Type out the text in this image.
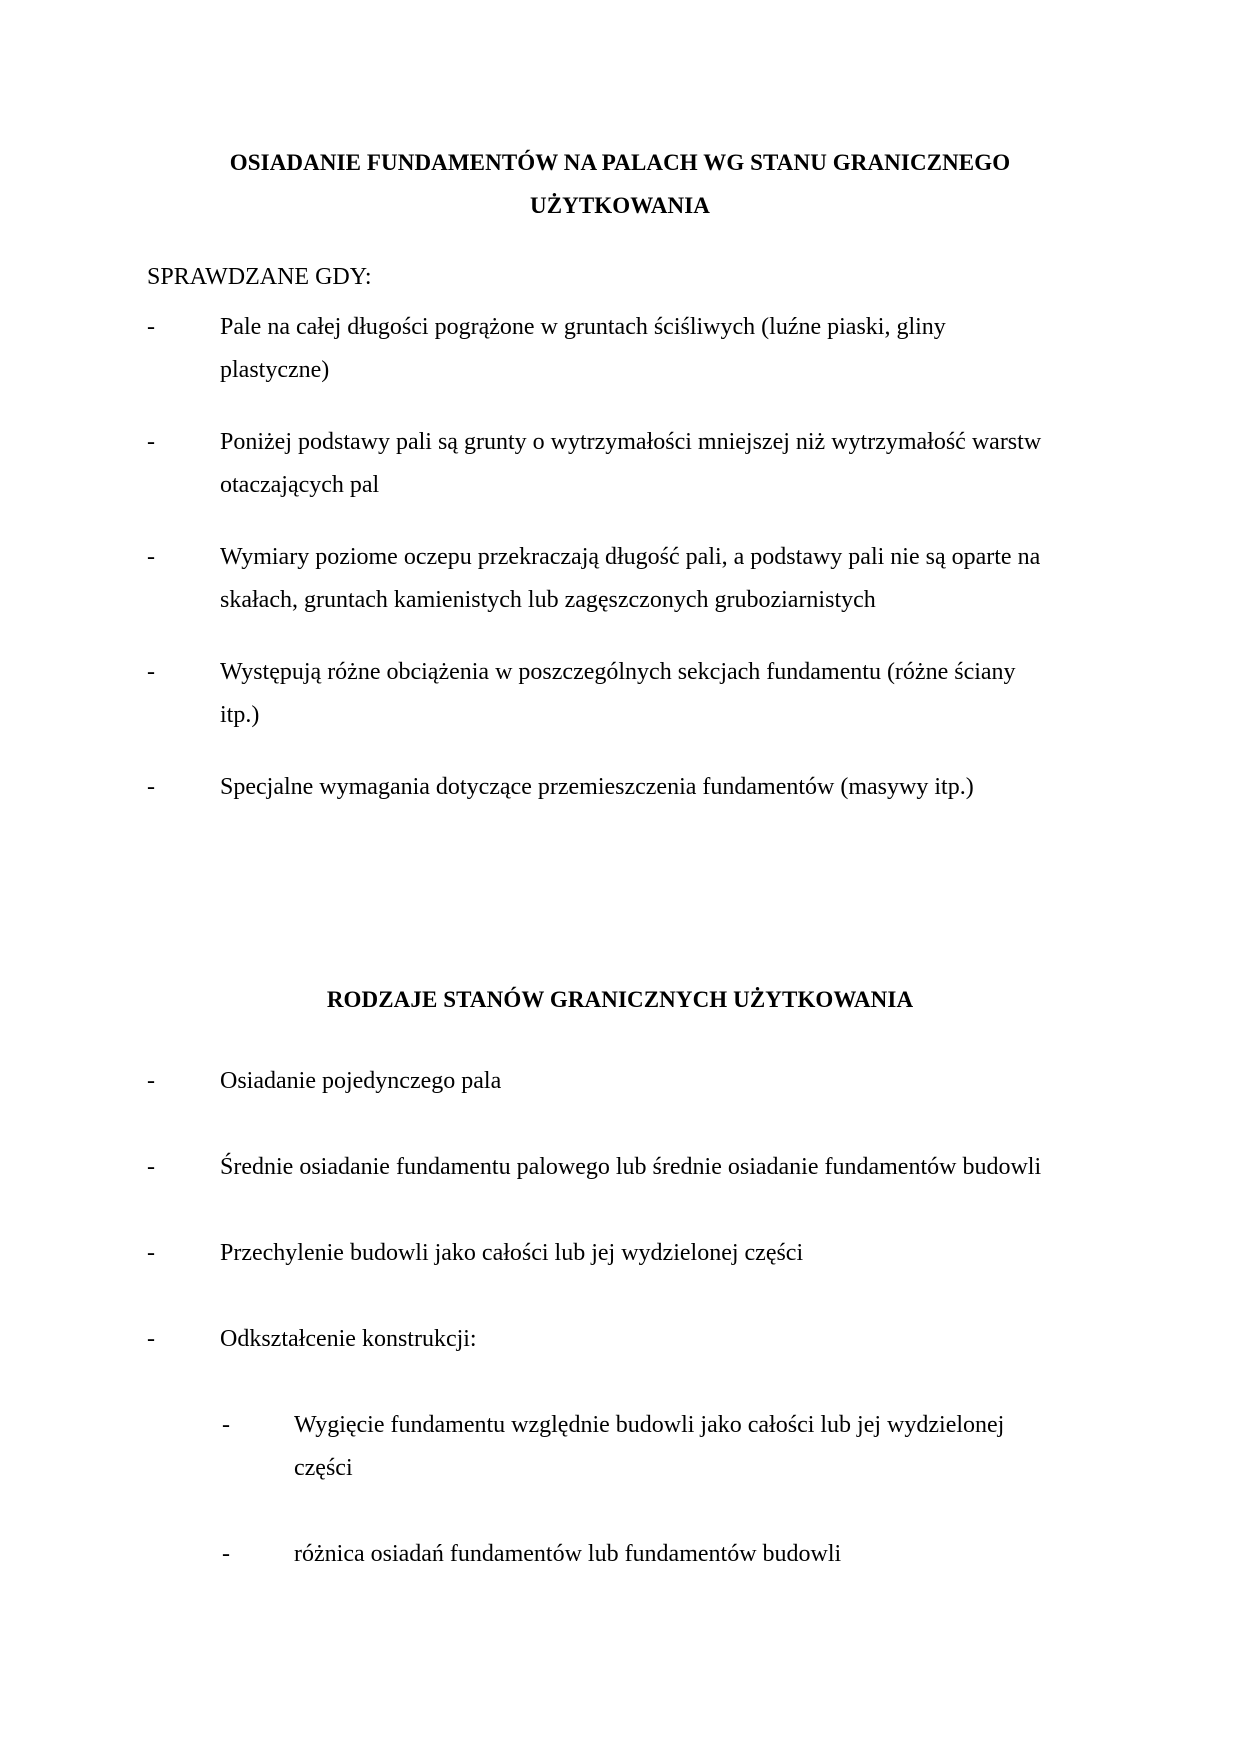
OSIADANIE FUNDAMENTÓW NA PALACH WG STANU GRANICZNEGO
UŻYTKOWANIA
SPRAWDZANE GDY:
-	Pale na całej długości pogrążone w gruntach ściśliwych (luźne piaski, gliny
plastyczne)
-	Poniżej podstawy pali są grunty o wytrzymałości mniejszej niż wytrzymałość warstw
otaczających pal
-	Wymiary poziome oczepu przekraczają długość pali, a podstawy pali nie są oparte na
skałach, gruntach kamienistych lub zagęszczonych gruboziarnistych
-	Występują różne obciążenia w poszczególnych sekcjach fundamentu (różne ściany
itp.)
-	Specjalne wymagania dotyczące przemieszczenia fundamentów (masywy itp.)
RODZAJE STANÓW GRANICZNYCH UŻYTKOWANIA
-	Osiadanie pojedynczego pala
-	Średnie osiadanie fundamentu palowego lub średnie osiadanie fundamentów budowli
-	Przechylenie budowli jako całości lub jej wydzielonej części
-	Odkształcenie konstrukcji:
-	Wygięcie fundamentu względnie budowli jako całości lub jej wydzielonej
części
-	różnica osiadań fundamentów lub fundamentów budowli
